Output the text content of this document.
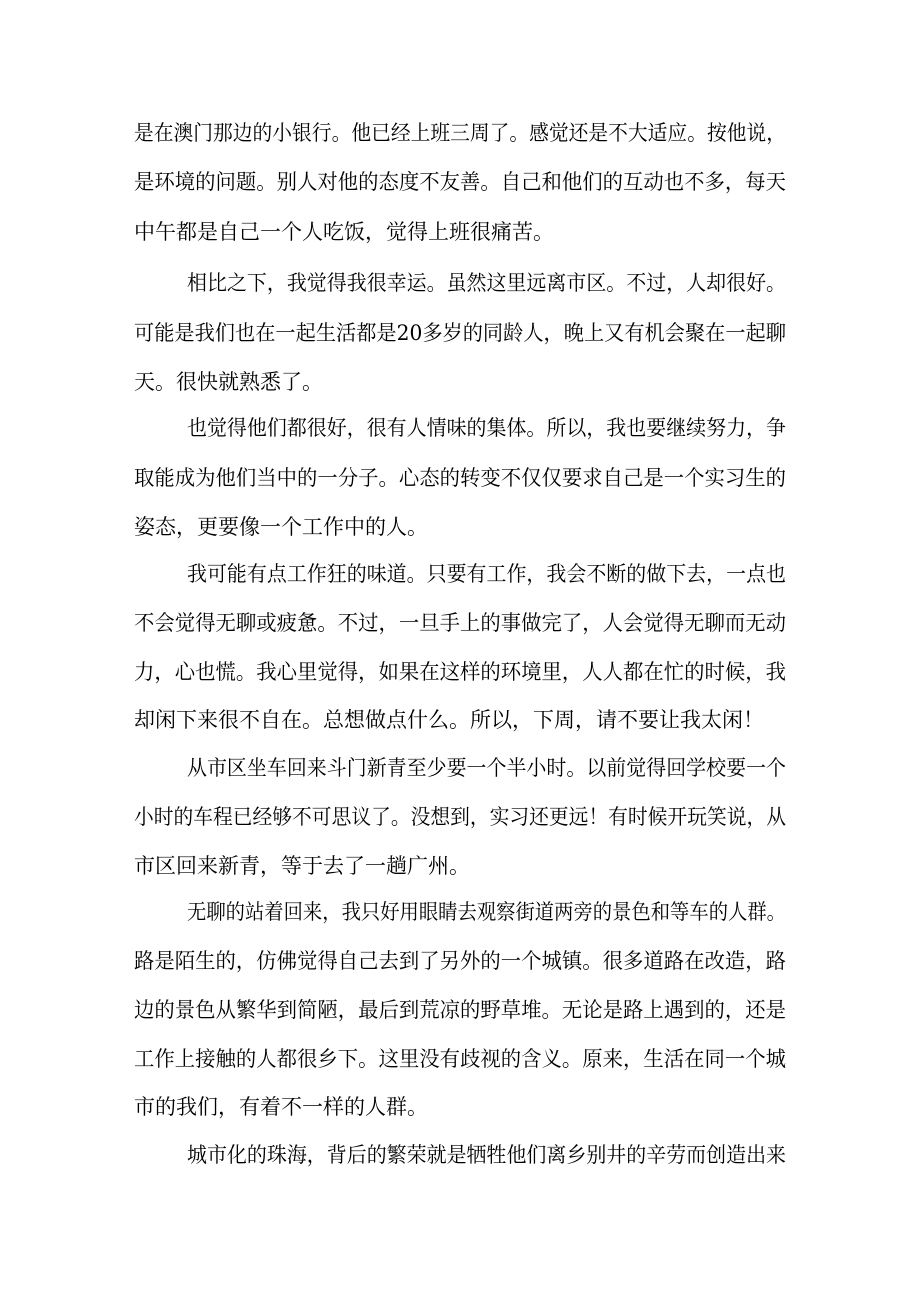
是在澳门那边的小银行。他已经上班三周了。感觉还是不大适应。按他说，
是环境的问题。别人对他的态度不友善。自己和他们的互动也不多，每天
中午都是自己一个人吃饭，觉得上班很痛苦。
相比之下，我觉得我很幸运。虽然这里远离市区。不过，人却很好。
可能是我们也在一起生活都是20多岁的同龄人，晚上又有机会聚在一起聊
天。很快就熟悉了。
也觉得他们都很好，很有人情味的集体。所以，我也要继续努力，争
取能成为他们当中的一分子。心态的转变不仅仅要求自己是一个实习生的
姿态，更要像一个工作中的人。
我可能有点工作狂的味道。只要有工作，我会不断的做下去，一点也
不会觉得无聊或疲惫。不过，一旦手上的事做完了，人会觉得无聊而无动
力，心也慌。我心里觉得，如果在这样的环境里，人人都在忙的时候，我
却闲下来很不自在。总想做点什么。所以，下周，请不要让我太闲！
从市区坐车回来斗门新青至少要一个半小时。以前觉得回学校要一个
小时的车程已经够不可思议了。没想到，实习还更远！有时候开玩笑说，从
市区回来新青，等于去了一趟广州。
无聊的站着回来，我只好用眼睛去观察街道两旁的景色和等车的人群。
路是陌生的，仿佛觉得自己去到了另外的一个城镇。很多道路在改造，路
边的景色从繁华到简陋，最后到荒凉的野草堆。无论是路上遇到的，还是
工作上接触的人都很乡下。这里没有歧视的含义。原来，生活在同一个城
市的我们，有着不一样的人群。
城市化的珠海，背后的繁荣就是牺牲他们离乡别井的辛劳而创造出来
